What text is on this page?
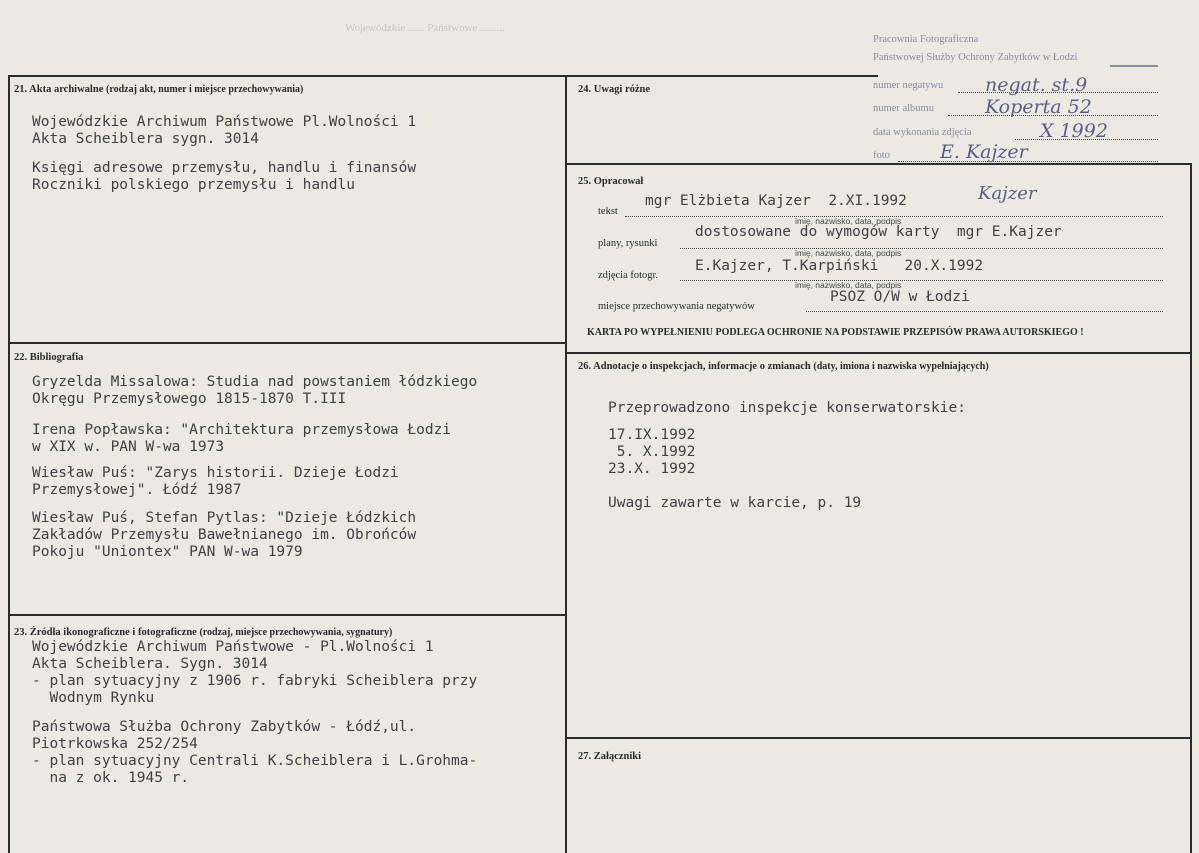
Wojewódzkie ...... Państwowe .........
Pracownia Fotograficzna
Państwowej Służby Ochrony Zabytków w Łodzi
numer negatywu negat. st.9
numer albumu	Koperta 52
data wykonania zdjęcia	X 1992
foto	E. Kajzer
21. Akta archiwalne (rodzaj akt, numer i miejsce przechowywania)
Wojewódzkie Archiwum Państwowe Pl.Wolności 1
Akta Scheiblera sygn. 3014
Księgi adresowe przemysłu, handlu i finansów
Roczniki polskiego przemysłu i handlu
22. Bibliografia
Gryzelda Missalowa: Studia nad powstaniem łódzkiego
Okręgu Przemysłowego 1815-1870 T.III
Irena Popławska: "Architektura przemysłowa Łodzi
w XIX w. PAN W-wa 1973
Wiesław Puś: "Zarys historii. Dzieje Łodzi
Przemysłowej". Łódź 1987
Wiesław Puś, Stefan Pytlas: "Dzieje Łódzkich
Zakładów Przemysłu Bawełnianego im. Obrońców
Pokoju "Uniontex" PAN W-wa 1979
23. Źródła ikonograficzne i fotograficzne (rodzaj, miejsce przechowywania, sygnatury)
Wojewódzkie Archiwum Państwowe - Pl.Wolności 1
Akta Scheiblera. Sygn. 3014
- plan sytuacyjny z 1906 r. fabryki Scheiblera przy
Wodnym Rynku
Państwowa Służba Ochrony Zabytków - Łódź,ul.
Piotrkowska 252/254
- plan sytuacyjny Centrali K.Scheiblera i L.Grohma-
na z ok. 1945 r.
24. Uwagi różne
25. Opracował
tekst
mgr Elżbieta Kajzer  2.XI.1992	Kajzer
imię, nazwisko, data, podpis
plany, rysunki
dostosowane do wymogów karty  mgr E.Kajzer
imię, nazwisko, data, podpis
zdjęcia fotogr.
E.Kajzer, T.Karpiński   20.X.1992
imię, nazwisko, data, podpis
miejsce przechowywania negatywów
PSOZ O/W w Łodzi
KARTA PO WYPEŁNIENIU PODLEGA OCHRONIE NA PODSTAWIE PRZEPISÓW PRAWA AUTORSKIEGO !
26. Adnotacje o inspekcjach, informacje o zmianach (daty, imiona i nazwiska wypełniających)
Przeprowadzono inspekcje konserwatorskie:
17.IX.1992
5. X.1992
23.X. 1992
Uwagi zawarte w karcie, p. 19
27. Załączniki
